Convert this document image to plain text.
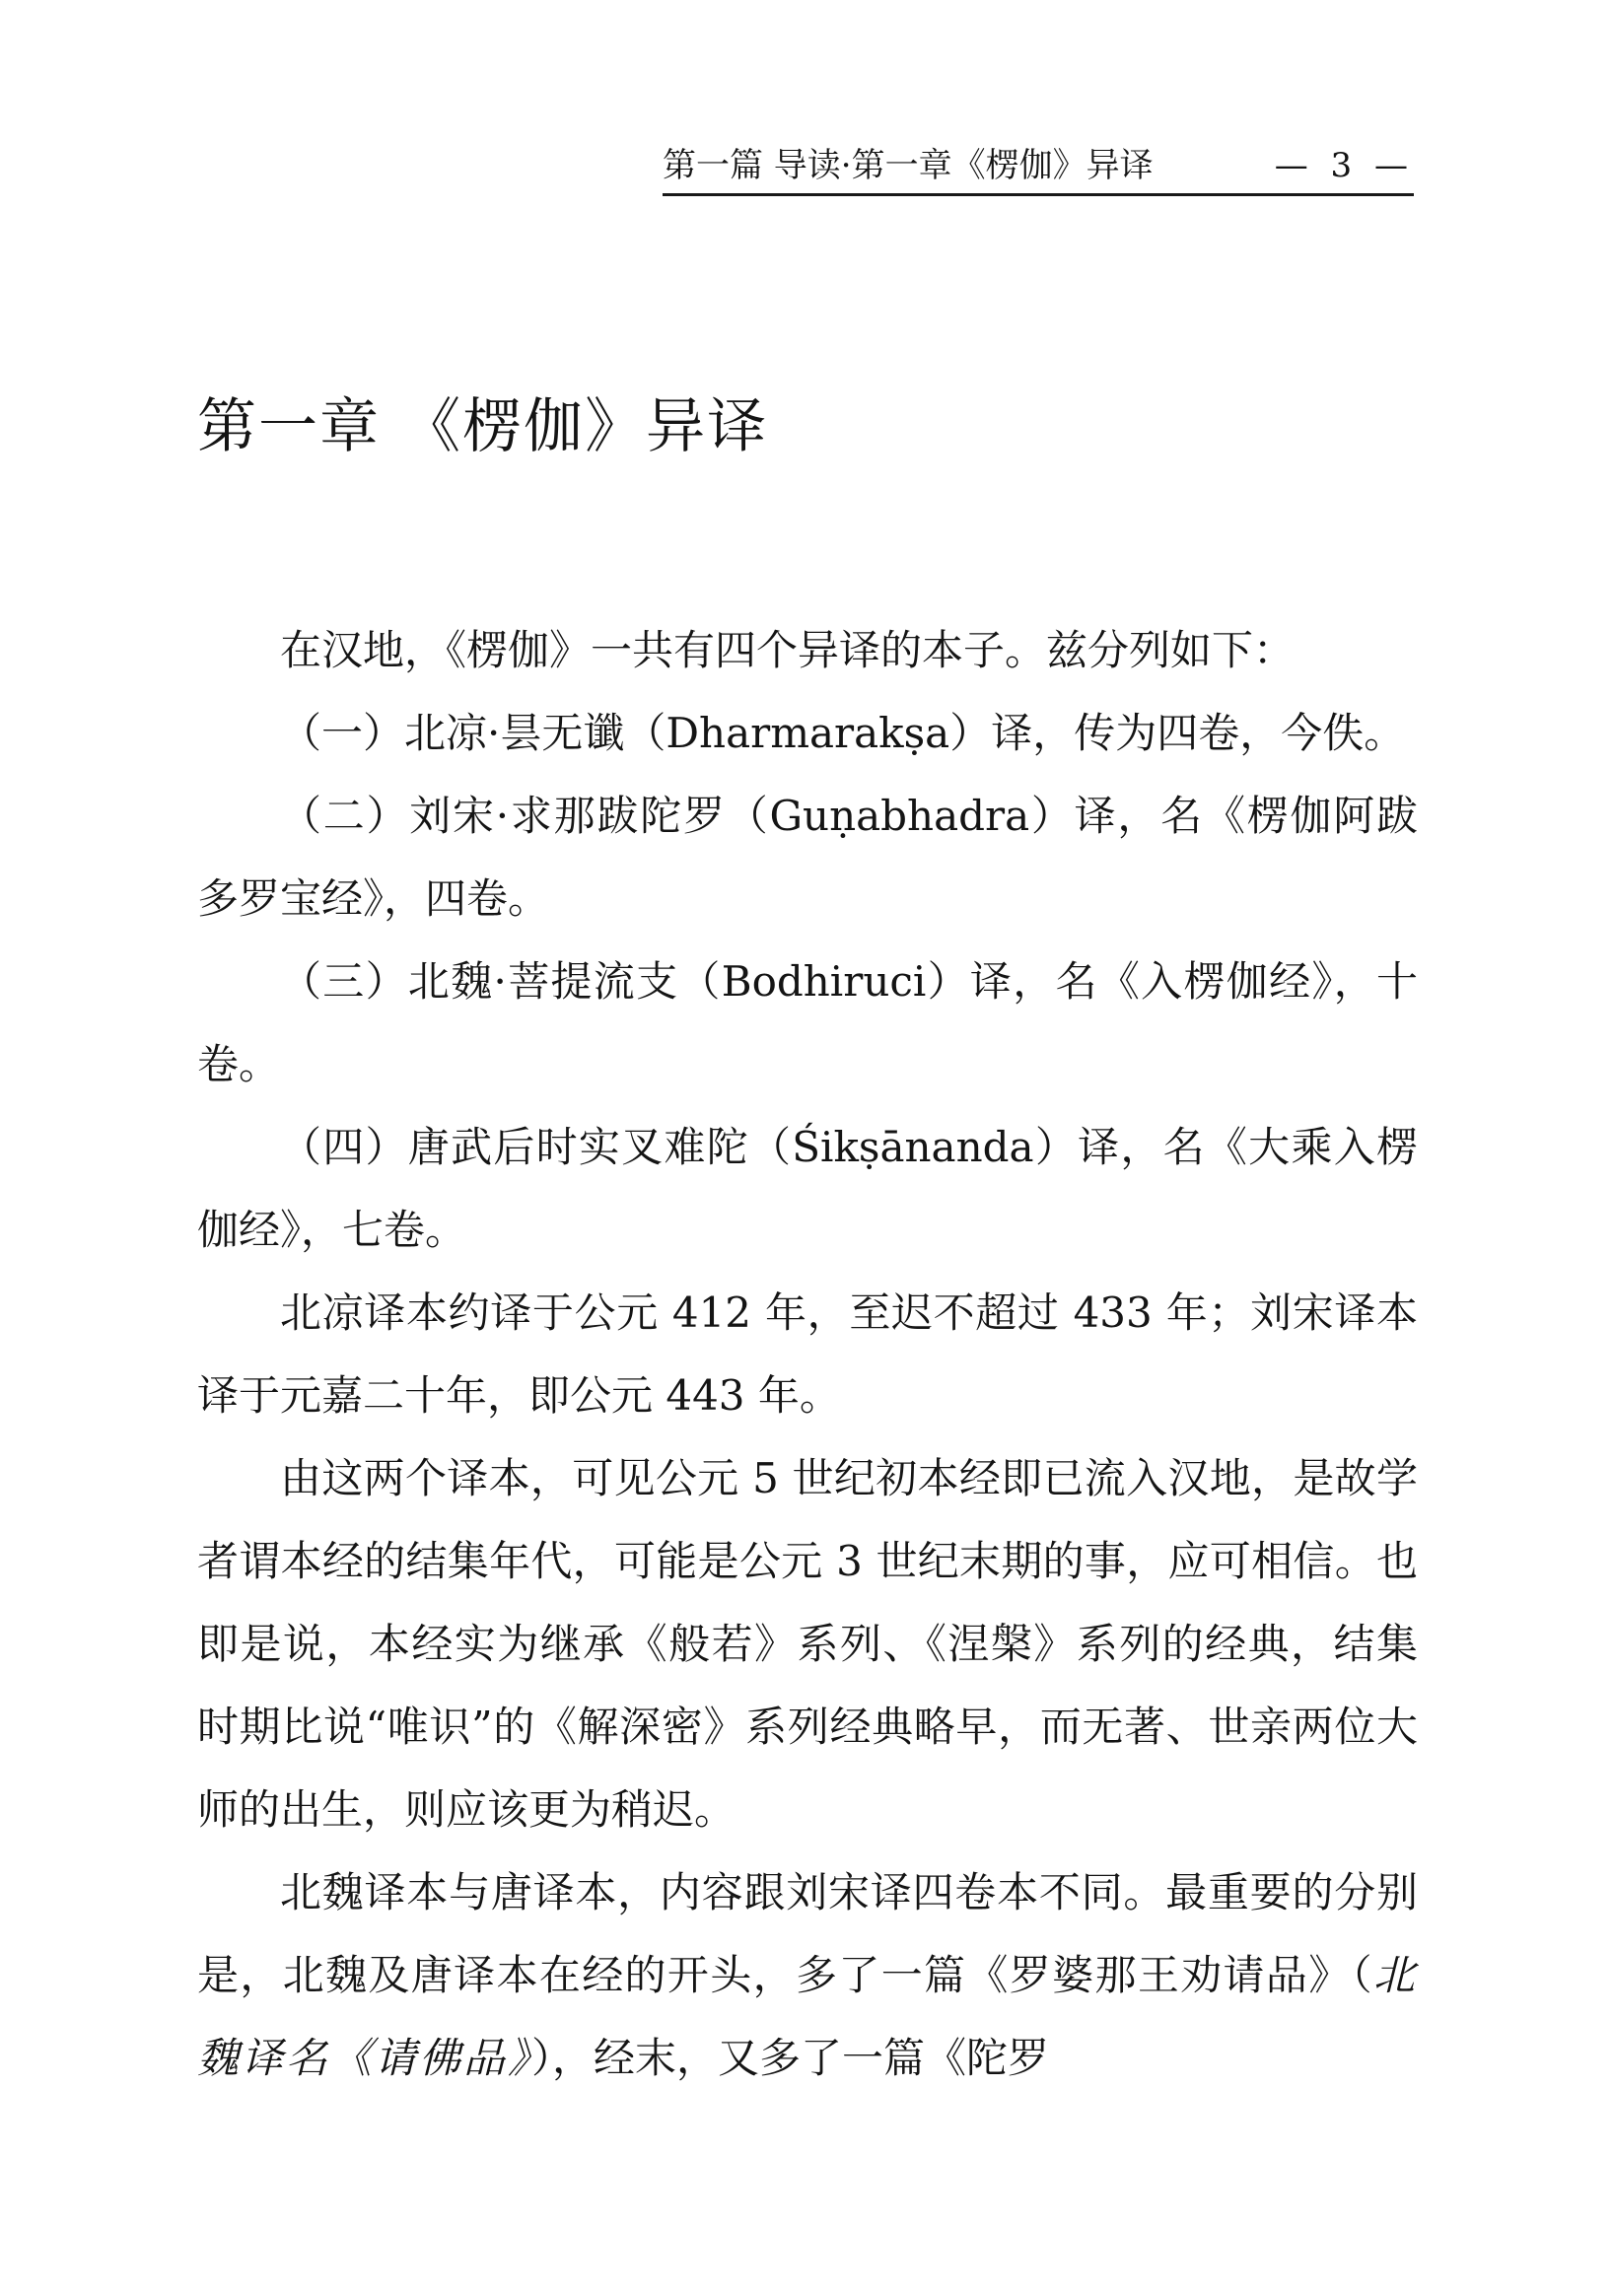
第一篇 导读·第一章《楞伽》异译	— 3 —
第一章 《楞伽》异译

在汉地，《楞伽》一共有四个异译的本子。兹分列如下：

（一）北凉·昙无谶（Dharmarakṣa）译，传为四卷，今佚。

（二）刘宋·求那跋陀罗（Guṇabhadra）译，名《楞伽阿跋多罗宝经》，四卷。

（三）北魏·菩提流支（Bodhiruci）译，名《入楞伽经》，十卷。

（四）唐武后时实叉难陀（Śikṣānanda）译，名《大乘入楞伽经》，七卷。

北凉译本约译于公元 412 年，至迟不超过 433 年；刘宋译本译于元嘉二十年，即公元 443 年。

由这两个译本，可见公元 5 世纪初本经即已流入汉地，是故学者谓本经的结集年代，可能是公元 3 世纪末期的事，应可相信。也即是说，本经实为继承《般若》系列、《涅槃》系列的经典，结集时期比说“唯识”的《解深密》系列经典略早，而无著、世亲两位大师的出生，则应该更为稍迟。

北魏译本与唐译本，内容跟刘宋译四卷本不同。最重要的分别是，北魏及唐译本在经的开头，多了一篇《罗婆那王劝请品》（北魏译名《请佛品》），经末，又多了一篇《陀罗
